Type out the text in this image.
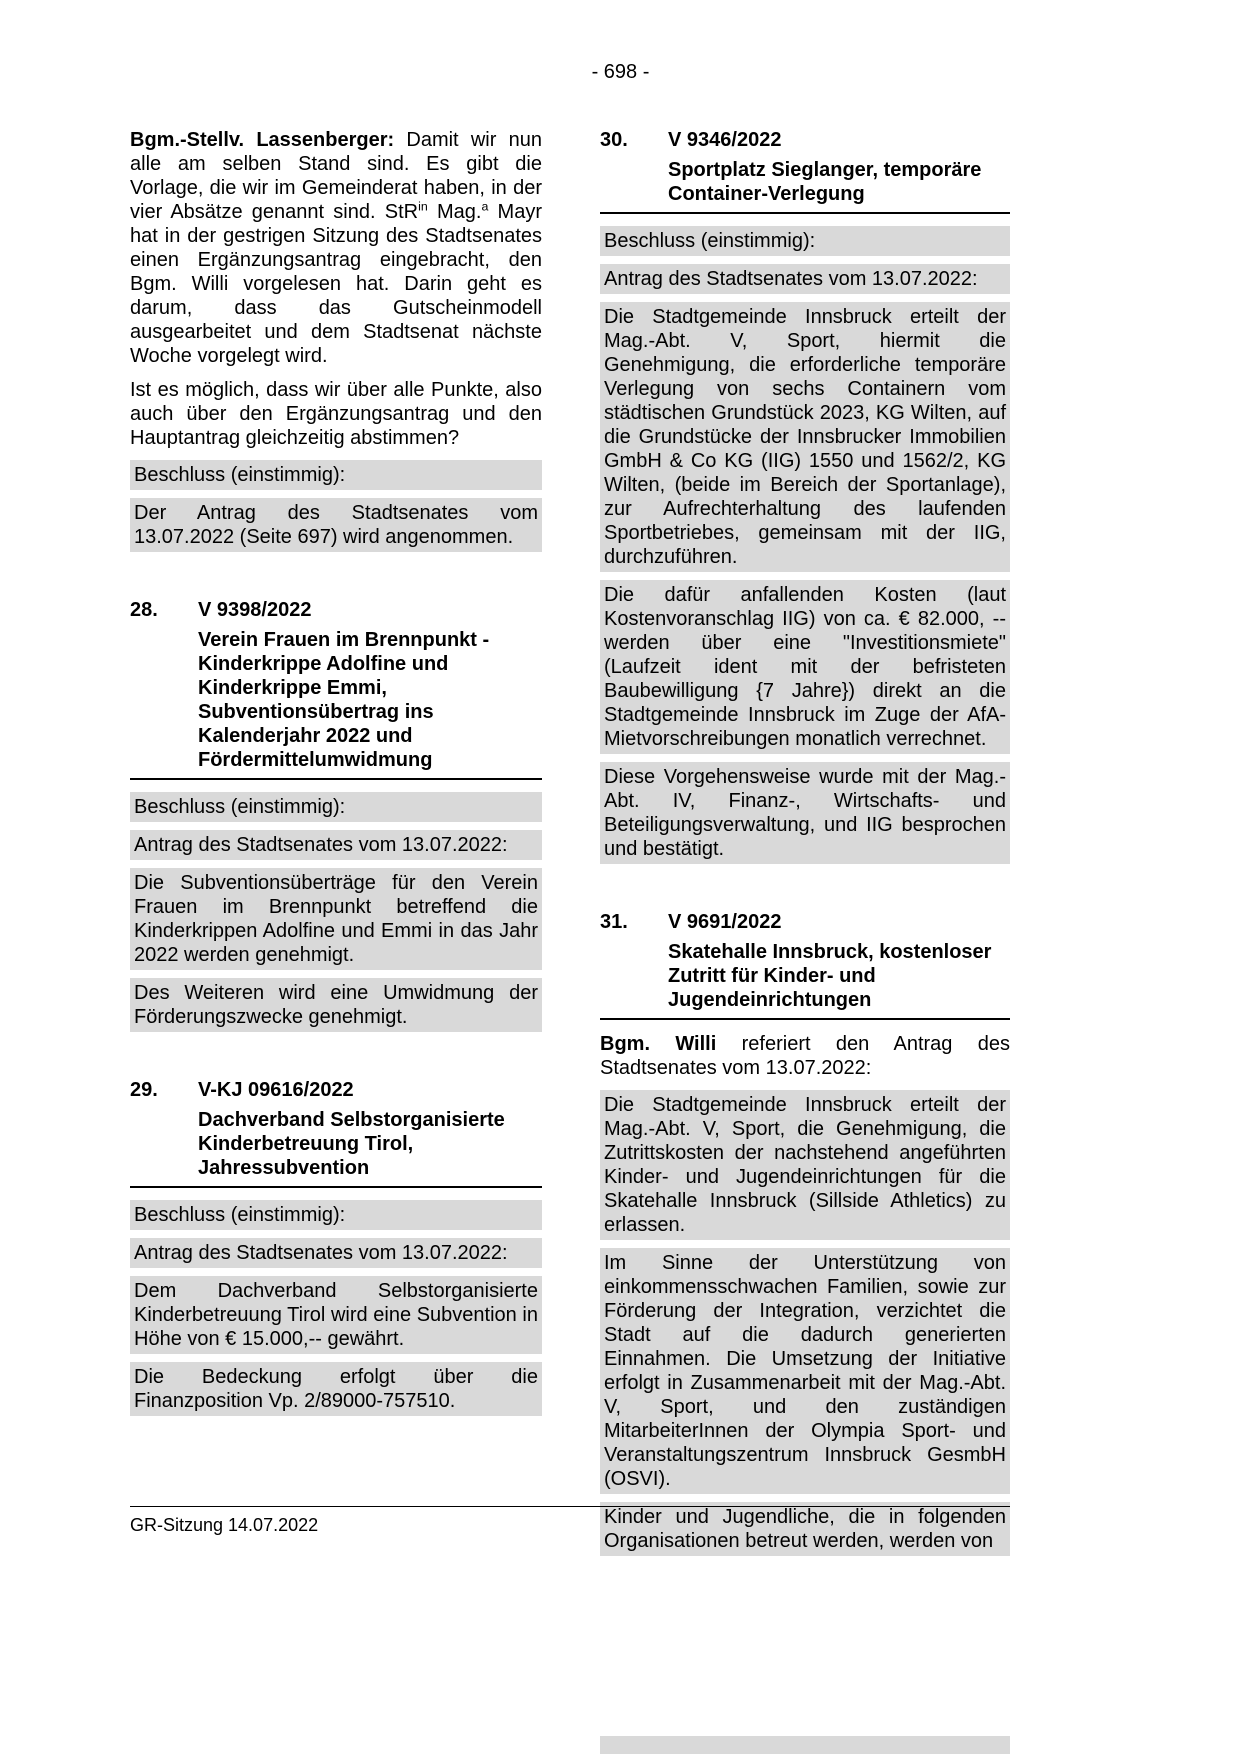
- 698 -

Bgm.-Stellv. Lassenberger: Damit wir nun alle am selben Stand sind. Es gibt die Vorlage, die wir im Gemeinderat haben, in der vier Absätze genannt sind. StR$^{in}$ Mag.$^a$ Mayr hat in der gestrigen Sitzung des Stadtsenates einen Ergänzungsantrag eingebracht, den Bgm. Willi vorgelesen hat. Darin geht es darum, dass das Gutscheinmodell ausgearbeitet und dem Stadtsenat nächste Woche vorgelegt wird.

Ist es möglich, dass wir über alle Punkte, also auch über den Ergänzungsantrag und den Hauptantrag gleichzeitig abstimmen?

Beschluss (einstimmig):
Der Antrag des Stadtsenates vom 13.07.2022 (Seite 697) wird angenommen.
28.	V 9398/2022
Verein Frauen im Brennpunkt - Kinderkrippe Adolfine und Kinderkrippe Emmi, Subventionsübertrag ins Kalenderjahr 2022 und Fördermittelumwidmung
Beschluss (einstimmig):
Antrag des Stadtsenates vom 13.07.2022:
Die Subventionsüberträge für den Verein Frauen im Brennpunkt betreffend die Kinderkrippen Adolfine und Emmi in das Jahr 2022 werden genehmigt.
Des Weiteren wird eine Umwidmung der Förderungszwecke genehmigt.
29.	V-KJ 09616/2022
Dachverband Selbstorganisierte Kinderbetreuung Tirol, Jahressubvention
Beschluss (einstimmig):
Antrag des Stadtsenates vom 13.07.2022:
Dem Dachverband Selbstorganisierte Kinderbetreuung Tirol wird eine Subvention in Höhe von € 15.000,-- gewährt.
Die Bedeckung erfolgt über die Finanzposition Vp. 2/89000-757510.
30.	V 9346/2022
Sportplatz Sieglanger, temporäre Container-Verlegung
Beschluss (einstimmig):
Antrag des Stadtsenates vom 13.07.2022:
Die Stadtgemeinde Innsbruck erteilt der Mag.-Abt. V, Sport, hiermit die Genehmigung, die erforderliche temporäre Verlegung von sechs Containern vom städtischen Grundstück 2023, KG Wilten, auf die Grundstücke der Innsbrucker Immobilien GmbH & Co KG (IIG) 1550 und 1562/2, KG Wilten, (beide im Bereich der Sportanlage), zur Aufrechterhaltung des laufenden Sportbetriebes, gemeinsam mit der IIG, durchzuführen.
Die dafür anfallenden Kosten (laut Kostenvoranschlag IIG) von ca. € 82.000, -- werden über eine "Investitionsmiete" (Laufzeit ident mit der befristeten Baubewilligung {7 Jahre}) direkt an die Stadtgemeinde Innsbruck im Zuge der AfA-Mietvorschreibungen monatlich verrechnet.
Diese Vorgehensweise wurde mit der Mag.-Abt. IV, Finanz-, Wirtschafts- und Beteiligungsverwaltung, und IIG besprochen und bestätigt.
31.	V 9691/2022
Skatehalle Innsbruck, kostenloser Zutritt für Kinder- und Jugendeinrichtungen

Bgm. Willi referiert den Antrag des Stadtsenates vom 13.07.2022:

Die Stadtgemeinde Innsbruck erteilt der Mag.-Abt. V, Sport, die Genehmigung, die Zutrittskosten der nachstehend angeführten Kinder- und Jugendeinrichtungen für die Skatehalle Innsbruck (Sillside Athletics) zu erlassen.
Im Sinne der Unterstützung von einkommensschwachen Familien, sowie zur Förderung der Integration, verzichtet die Stadt auf die dadurch generierten Einnahmen. Die Umsetzung der Initiative erfolgt in Zusammenarbeit mit der Mag.-Abt. V, Sport, und den zuständigen MitarbeiterInnen der Olympia Sport- und Veranstaltungszentrum Innsbruck GesmbH (OSVI).
Kinder und Jugendliche, die in folgenden Organisationen betreut werden, werden von
GR-Sitzung 14.07.2022
